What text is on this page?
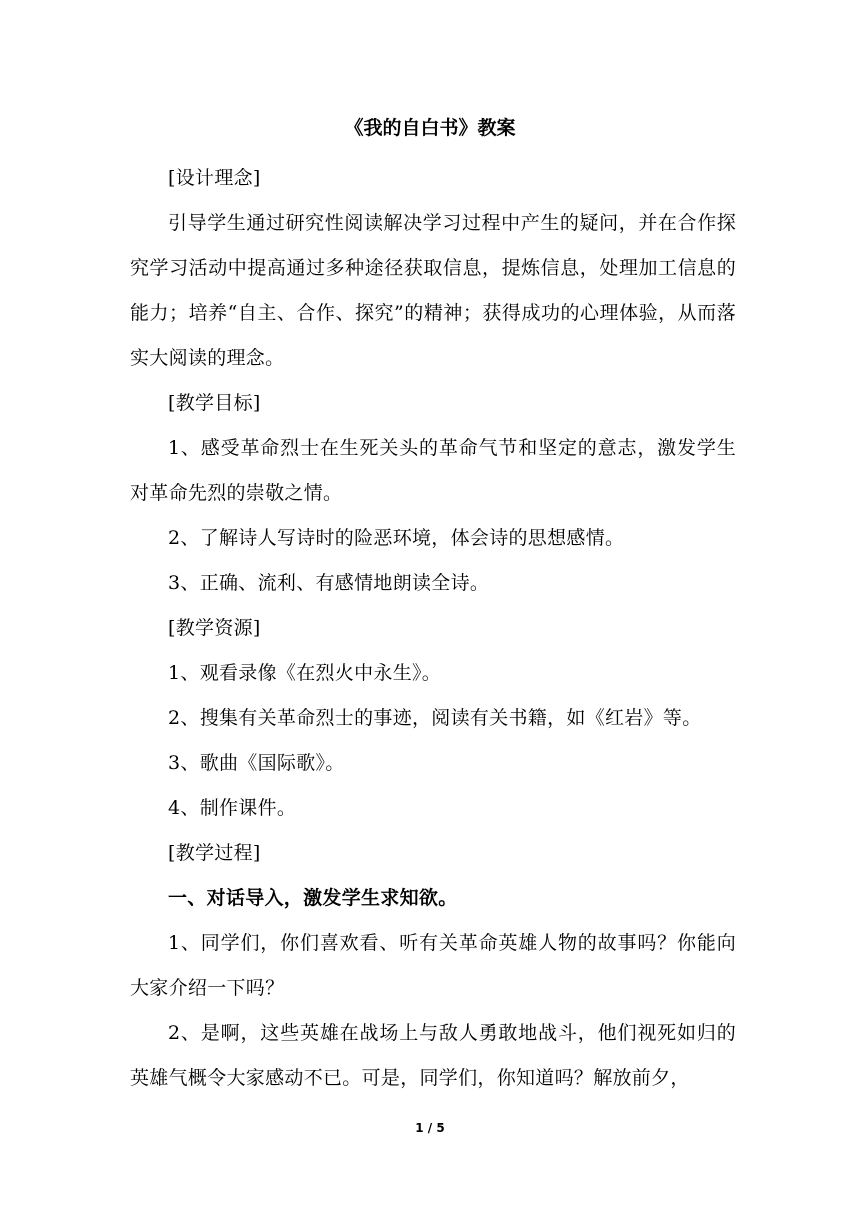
《我的自白书》教案

[设计理念]

引导学生通过研究性阅读解决学习过程中产生的疑问，并在合作探究学习活动中提高通过多种途径获取信息，提炼信息，处理加工信息的能力；培养“自主、合作、探究”的精神；获得成功的心理体验，从而落实大阅读的理念。

[教学目标]

1、感受革命烈士在生死关头的革命气节和坚定的意志，激发学生对革命先烈的崇敬之情。

2、了解诗人写诗时的险恶环境，体会诗的思想感情。

3、正确、流利、有感情地朗读全诗。

[教学资源]

1、观看录像《在烈火中永生》。

2、搜集有关革命烈士的事迹，阅读有关书籍，如《红岩》等。

3、歌曲《国际歌》。

4、制作课件。

[教学过程]

一、对话导入，激发学生求知欲。

1、同学们，你们喜欢看、听有关革命英雄人物的故事吗？你能向大家介绍一下吗？

2、是啊，这些英雄在战场上与敌人勇敢地战斗，他们视死如归的英雄气概令大家感动不已。可是，同学们，你知道吗？解放前夕，

1 / 5
